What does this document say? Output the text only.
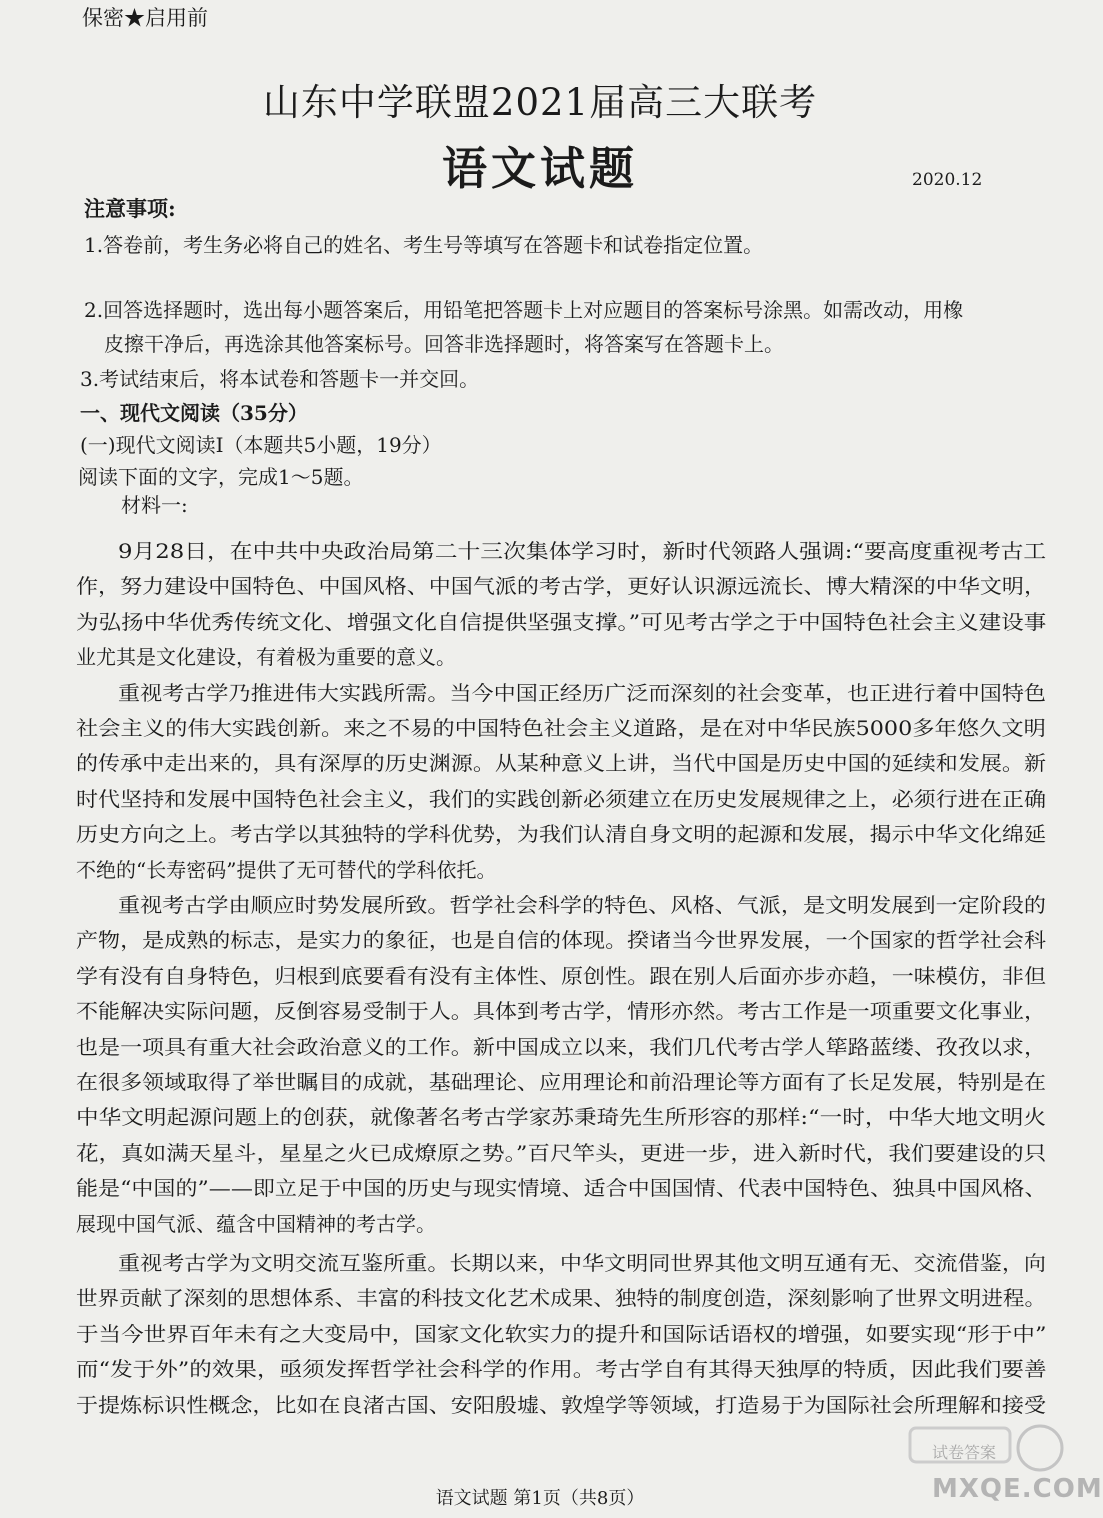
保密★启用前
山东中学联盟2021届高三大联考
语文试题	2020.12
注意事项:
1.答卷前，考生务必将自己的姓名、考生号等填写在答题卡和试卷指定位置。
2.回答选择题时，选出每小题答案后，用铅笔把答题卡上对应题目的答案标号涂黑。如需改动，用橡
皮擦干净后，再选涂其他答案标号。回答非选择题时，将答案写在答题卡上。
3.考试结束后，将本试卷和答题卡一并交回。
一、现代文阅读（35分）
(一)现代文阅读Ⅰ（本题共5小题，19分）
阅读下面的文字，完成1～5题。
材料一:
9月28日，在中共中央政治局第二十三次集体学习时，新时代领路人强调:“要高度重视考古工
作，努力建设中国特色、中国风格、中国气派的考古学，更好认识源远流长、博大精深的中华文明，
为弘扬中华优秀传统文化、增强文化自信提供坚强支撑。”可见考古学之于中国特色社会主义建设事
业尤其是文化建设，有着极为重要的意义。
重视考古学乃推进伟大实践所需。当今中国正经历广泛而深刻的社会变革，也正进行着中国特色
社会主义的伟大实践创新。来之不易的中国特色社会主义道路，是在对中华民族5000多年悠久文明
的传承中走出来的，具有深厚的历史渊源。从某种意义上讲，当代中国是历史中国的延续和发展。新
时代坚持和发展中国特色社会主义，我们的实践创新必须建立在历史发展规律之上，必须行进在正确
历史方向之上。考古学以其独特的学科优势，为我们认清自身文明的起源和发展，揭示中华文化绵延
不绝的“长寿密码”提供了无可替代的学科依托。
重视考古学由顺应时势发展所致。哲学社会科学的特色、风格、气派，是文明发展到一定阶段的
产物，是成熟的标志，是实力的象征，也是自信的体现。揆诸当今世界发展，一个国家的哲学社会科
学有没有自身特色，归根到底要看有没有主体性、原创性。跟在别人后面亦步亦趋，一味模仿，非但
不能解决实际问题，反倒容易受制于人。具体到考古学，情形亦然。考古工作是一项重要文化事业，
也是一项具有重大社会政治意义的工作。新中国成立以来，我们几代考古学人筚路蓝缕、孜孜以求，
在很多领域取得了举世瞩目的成就，基础理论、应用理论和前沿理论等方面有了长足发展，特别是在
中华文明起源问题上的创获，就像著名考古学家苏秉琦先生所形容的那样:“一时，中华大地文明火
花，真如满天星斗，星星之火已成燎原之势。”百尺竿头，更进一步，进入新时代，我们要建设的只
能是“中国的”——即立足于中国的历史与现实情境、适合中国国情、代表中国特色、独具中国风格、
展现中国气派、蕴含中国精神的考古学。
重视考古学为文明交流互鉴所重。长期以来，中华文明同世界其他文明互通有无、交流借鉴，向
世界贡献了深刻的思想体系、丰富的科技文化艺术成果、独特的制度创造，深刻影响了世界文明进程。
于当今世界百年未有之大变局中，国家文化软实力的提升和国际话语权的增强，如要实现“形于中”
而“发于外”的效果，亟须发挥哲学社会科学的作用。考古学自有其得天独厚的特质，因此我们要善
于提炼标识性概念，比如在良渚古国、安阳殷墟、敦煌学等领域，打造易于为国际社会所理解和接受
语文试题 第1页（共8页）
试卷答案
MXQE.COM
